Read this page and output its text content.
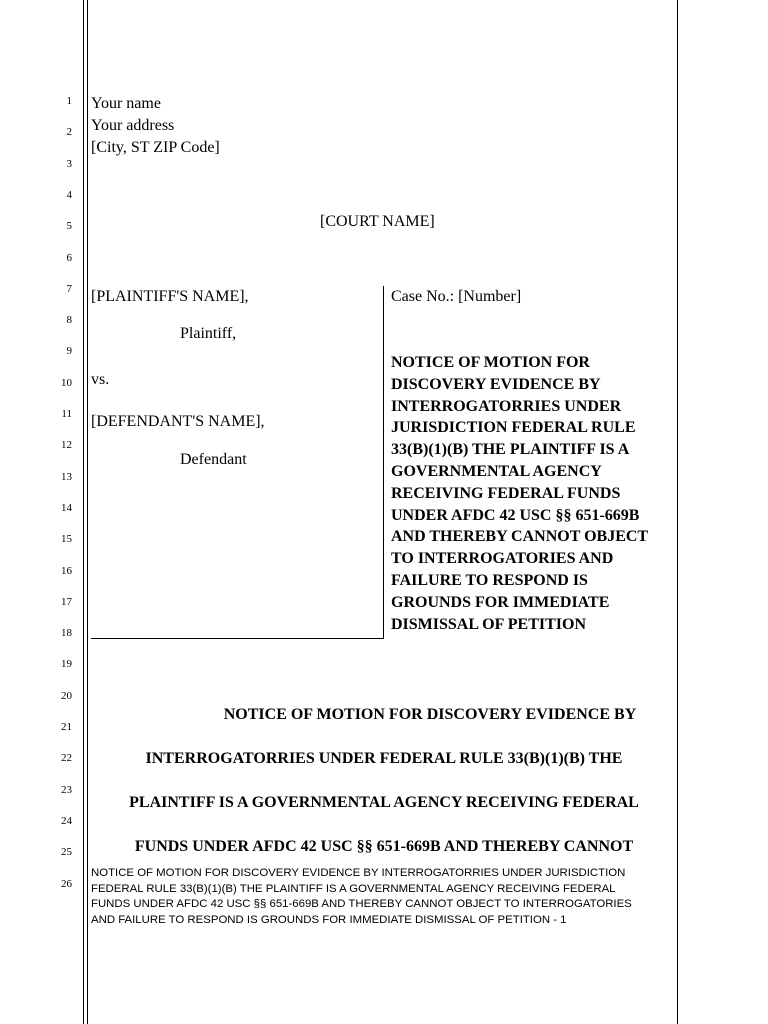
1
2
3
4
5
6
7
8
9
10
11
12
13
14
15
16
17
18
19
20
21
22
23
24
25
26
Your name
Your address
[City, ST ZIP Code]
[COURT NAME]
[PLAINTIFF'S NAME],
Plaintiff,
vs.
[DEFENDANT'S NAME],
Defendant
Case No.: [Number]
NOTICE OF MOTION FOR
DISCOVERY EVIDENCE BY
INTERROGATORRIES UNDER
JURISDICTION FEDERAL RULE
33(B)(1)(B) THE PLAINTIFF IS A
GOVERNMENTAL AGENCY
RECEIVING FEDERAL FUNDS
UNDER AFDC 42 USC §§ 651-669B
AND THEREBY CANNOT OBJECT
TO INTERROGATORIES AND
FAILURE TO RESPOND IS
GROUNDS FOR IMMEDIATE
DISMISSAL OF PETITION
NOTICE OF MOTION FOR DISCOVERY EVIDENCE BY
INTERROGATORRIES UNDER FEDERAL RULE 33(B)(1)(B) THE
PLAINTIFF IS A GOVERNMENTAL AGENCY RECEIVING FEDERAL
FUNDS UNDER AFDC 42 USC §§ 651-669B AND THEREBY CANNOT
NOTICE OF MOTION FOR DISCOVERY EVIDENCE BY INTERROGATORRIES UNDER JURISDICTION
FEDERAL RULE 33(B)(1)(B) THE PLAINTIFF IS A GOVERNMENTAL AGENCY RECEIVING FEDERAL
FUNDS UNDER AFDC 42 USC §§ 651-669B AND THEREBY CANNOT OBJECT TO INTERROGATORIES
AND FAILURE TO RESPOND IS GROUNDS FOR IMMEDIATE DISMISSAL OF PETITION - 1
